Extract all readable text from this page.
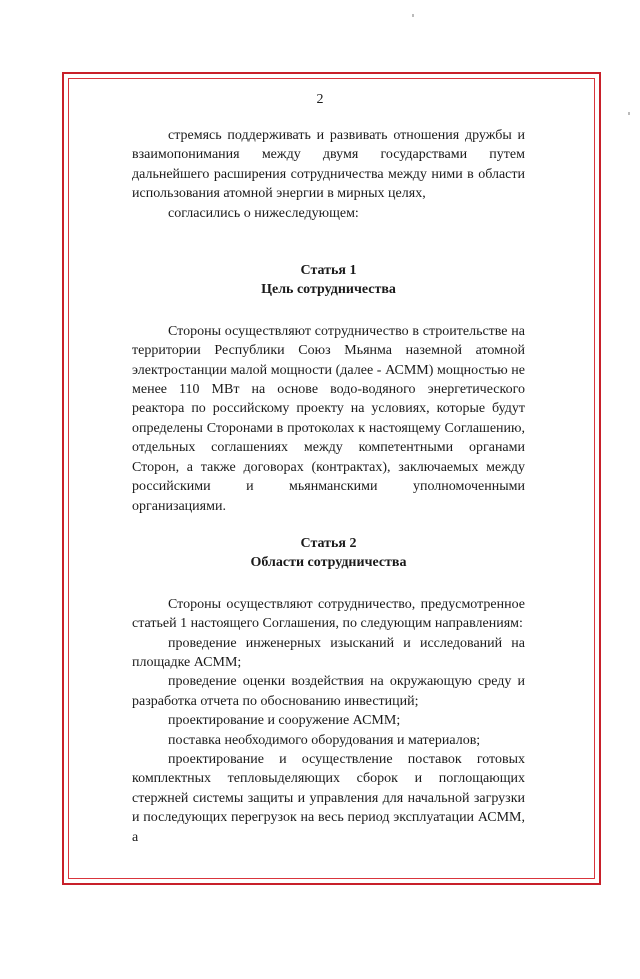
2

стремясь поддерживать и развивать отношения дружбы и взаимопонимания между двумя государствами путем дальнейшего расширения сотрудничества между ними в области использования атомной энергии в мирных целях,

согласились о нижеследующем:

Статья 1

Цель сотрудничества

Стороны осуществляют сотрудничество в строительстве на территории Республики Союз Мьянма наземной атомной электростанции малой мощности (далее - АСММ) мощностью не менее 110 МВт на основе водо-водяного энергетического реактора по российскому проекту на условиях, которые будут определены Сторонами в протоколах к настоящему Соглашению, отдельных соглашениях между компетентными органами Сторон, а также договорах (контрактах), заключаемых между российскими и мьянманскими уполномоченными организациями.

Статья 2

Области сотрудничества

Стороны осуществляют сотрудничество, предусмотренное статьей 1 настоящего Соглашения, по следующим направлениям:

проведение инженерных изысканий и исследований на площадке АСММ;

проведение оценки воздействия на окружающую среду и разработка отчета по обоснованию инвестиций;

проектирование и сооружение АСММ;

поставка необходимого оборудования и материалов;

проектирование и осуществление поставок готовых комплектных тепловыделяющих сборок и поглощающих стержней системы защиты и управления для начальной загрузки и последующих перегрузок на весь период эксплуатации АСММ, а
